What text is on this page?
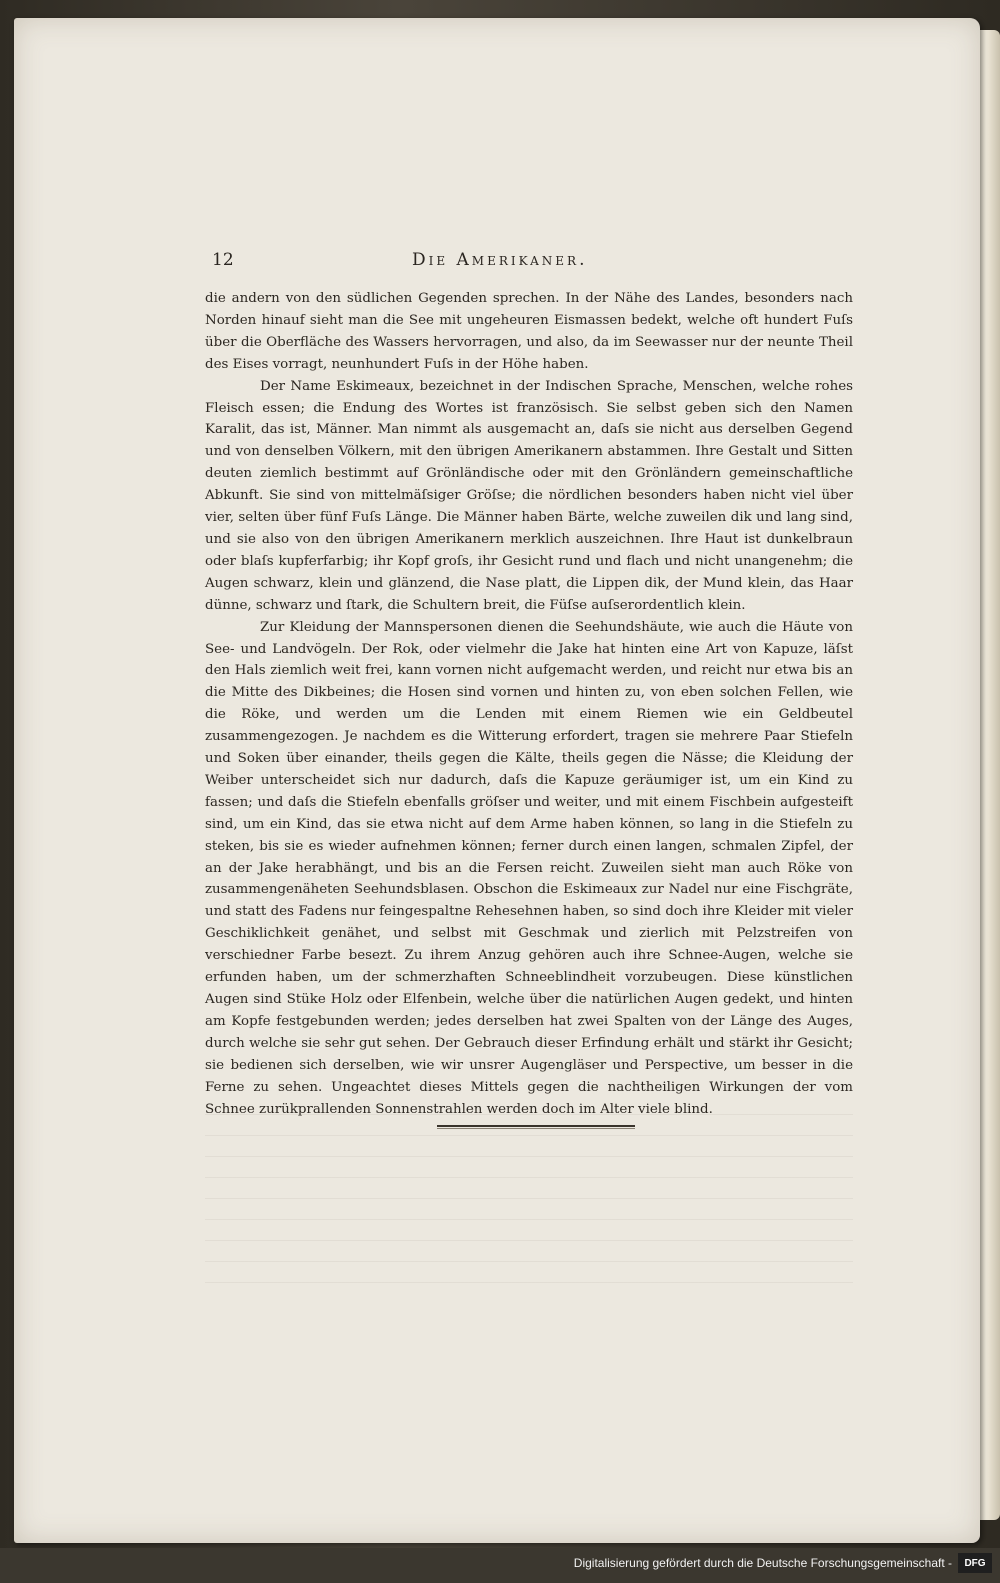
12	Die Amerikaner.

die andern von den südlichen Gegenden sprechen. In der Nähe des Landes, besonders nach Norden hinauf sieht man die See mit ungeheuren Eismassen bedekt, welche oft hundert Fuſs über die Oberfläche des Wassers hervorragen, und also, da im Seewasser nur der neunte Theil des Eises vorragt, neunhundert Fuſs in der Höhe haben.

Der Name Eskimeaux, bezeichnet in der Indischen Sprache, Menschen, welche rohes Fleisch essen; die Endung des Wortes ist französisch. Sie selbst geben sich den Namen Karalit, das ist, Männer. Man nimmt als ausgemacht an, daſs sie nicht aus derselben Gegend und von denselben Völkern, mit den übrigen Amerikanern abstammen. Ihre Gestalt und Sitten deuten ziemlich bestimmt auf Grönländische oder mit den Grönländern gemeinschaftliche Abkunft. Sie sind von mittelmäſsiger Gröſse; die nördlichen besonders haben nicht viel über vier, selten über fünf Fuſs Länge. Die Männer haben Bärte, welche zuweilen dik und lang sind, und sie also von den übrigen Amerikanern merklich auszeichnen. Ihre Haut ist dunkelbraun oder blaſs kupferfarbig; ihr Kopf groſs, ihr Gesicht rund und flach und nicht unangenehm; die Augen schwarz, klein und glänzend, die Nase platt, die Lippen dik, der Mund klein, das Haar dünne, schwarz und ſtark, die Schultern breit, die Füſse auſserordentlich klein.

Zur Kleidung der Mannspersonen dienen die Seehundshäute, wie auch die Häute von See- und Landvögeln. Der Rok, oder vielmehr die Jake hat hinten eine Art von Kapuze, läſst den Hals ziemlich weit frei, kann vornen nicht aufgemacht werden, und reicht nur etwa bis an die Mitte des Dikbeines; die Hosen sind vornen und hinten zu, von eben solchen Fellen, wie die Röke, und werden um die Lenden mit einem Riemen wie ein Geldbeutel zusammengezogen. Je nachdem es die Witterung erfordert, tragen sie mehrere Paar Stiefeln und Soken über einander, theils gegen die Kälte, theils gegen die Nässe; die Kleidung der Weiber unterscheidet sich nur dadurch, daſs die Kapuze geräumiger ist, um ein Kind zu fassen; und daſs die Stiefeln ebenfalls gröſser und weiter, und mit einem Fischbein aufgesteift sind, um ein Kind, das sie etwa nicht auf dem Arme haben können, so lang in die Stiefeln zu steken, bis sie es wieder aufnehmen können; ferner durch einen langen, schmalen Zipfel, der an der Jake herabhängt, und bis an die Fersen reicht. Zuweilen sieht man auch Röke von zusammengenäheten Seehundsblasen. Obschon die Eskimeaux zur Nadel nur eine Fischgräte, und statt des Fadens nur feingespaltne Rehesehnen haben, so sind doch ihre Kleider mit vieler Geschiklichkeit genähet, und selbst mit Geschmak und zierlich mit Pelzstreifen von verschiedner Farbe besezt. Zu ihrem Anzug gehören auch ihre Schnee-Augen, welche sie erfunden haben, um der schmerzhaften Schneeblindheit vorzubeugen. Diese künstlichen Augen sind Stüke Holz oder Elfenbein, welche über die natürlichen Augen gedekt, und hinten am Kopfe festgebunden werden; jedes derselben hat zwei Spalten von der Länge des Auges, durch welche sie sehr gut sehen. Der Gebrauch dieser Erfindung erhält und stärkt ihr Gesicht; sie bedienen sich derselben, wie wir unsrer Augengläser und Perspective, um besser in die Ferne zu sehen. Ungeachtet dieses Mittels gegen die nachtheiligen Wirkungen der vom Schnee zurükprallenden Sonnenstrahlen werden doch im Alter viele blind.

Digitalisierung gefördert durch die Deutsche Forschungsgemeinschaft -	DFG
